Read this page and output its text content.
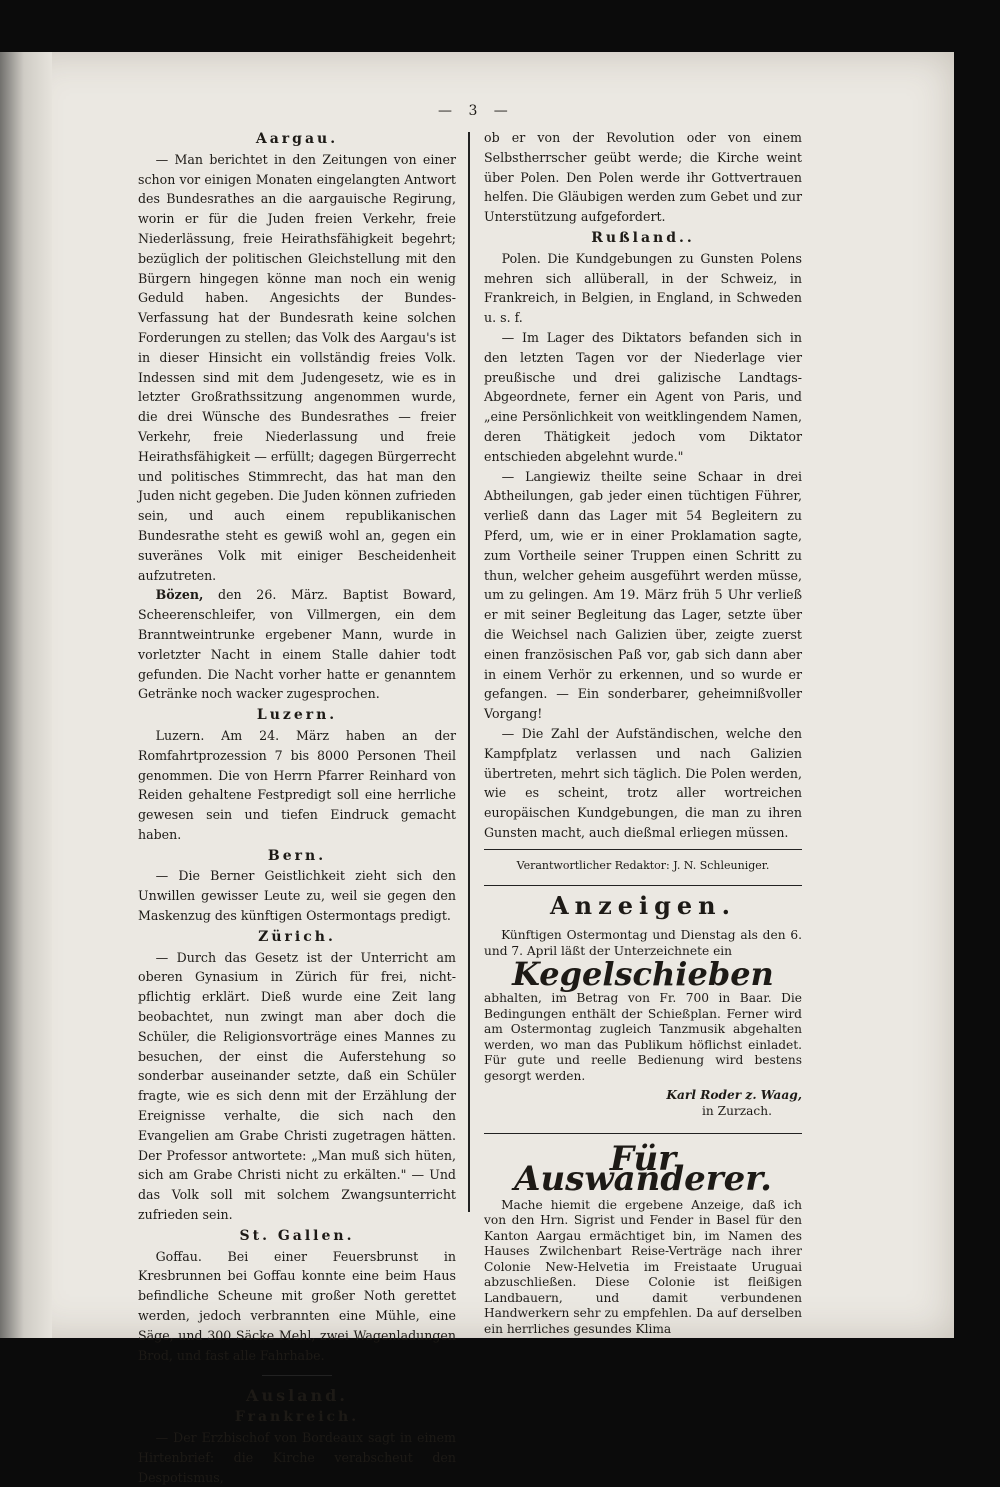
— 3 —
Aargau.

— Man berichtet in den Zeitungen von einer schon vor einigen Monaten eingelangten Antwort des Bundesrathes an die aargauische Regirung, worin er für die Juden freien Verkehr, freie Niederlässung, freie Heirathsfähigkeit begehrt; bezüglich der politischen Gleichstellung mit den Bürgern hingegen könne man noch ein wenig Geduld haben. Angesichts der Bundes-Verfassung hat der Bundesrath keine solchen Forderungen zu stellen; das Volk des Aargau's ist in dieser Hinsicht ein vollständig freies Volk. Indessen sind mit dem Judengesetz, wie es in letzter Großrathssitzung angenommen wurde, die drei Wünsche des Bundesrathes — freier Verkehr, freie Niederlassung und freie Heirathsfähigkeit — erfüllt; dagegen Bürgerrecht und politisches Stimmrecht, das hat man den Juden nicht gegeben. Die Juden können zufrieden sein, und auch einem republikanischen Bundesrathe steht es gewiß wohl an, gegen ein suveränes Volk mit einiger Bescheidenheit aufzutreten.

Bözen, den 26. März. Baptist Boward, Scheerenschleifer, von Villmergen, ein dem Branntweintrunke ergebener Mann, wurde in vorletzter Nacht in einem Stalle dahier todt gefunden. Die Nacht vorher hatte er genanntem Getränke noch wacker zugesprochen.

Luzern.

Luzern. Am 24. März haben an der Romfahrtprozession 7 bis 8000 Personen Theil genommen. Die von Herrn Pfarrer Reinhard von Reiden gehaltene Festpredigt soll eine herrliche gewesen sein und tiefen Eindruck gemacht haben.

Bern.

— Die Berner Geistlichkeit zieht sich den Unwillen gewisser Leute zu, weil sie gegen den Maskenzug des künftigen Ostermontags predigt.

Zürich.

— Durch das Gesetz ist der Unterricht am oberen Gynasium in Zürich für frei, nicht- pflichtig erklärt. Dieß wurde eine Zeit lang beobachtet, nun zwingt man aber doch die Schüler, die Religionsvorträge eines Mannes zu besuchen, der einst die Auferstehung so sonderbar auseinander setzte, daß ein Schüler fragte, wie es sich denn mit der Erzählung der Ereignisse verhalte, die sich nach den Evangelien am Grabe Christi zugetragen hätten. Der Professor antwortete: „Man muß sich hüten, sich am Grabe Christi nicht zu erkälten." — Und das Volk soll mit solchem Zwangsunterricht zufrieden sein.

St. Gallen.

Goffau. Bei einer Feuersbrunst in Kresbrunnen bei Goffau konnte eine beim Haus befindliche Scheune mit großer Noth gerettet werden, jedoch verbrannten eine Mühle, eine Säge, und 300 Säcke Mehl, zwei Wagenladungen Brod, und fast alle Fahrhabe.

Ausland.
Frankreich.

— Der Erzbischof von Bordeaux sagt in einem Hirtenbrief: die Kirche verabscheut den Despotismus,

ob er von der Revolution oder von einem Selbstherrscher geübt werde; die Kirche weint über Polen. Den Polen werde ihr Gottvertrauen helfen. Die Gläubigen werden zum Gebet und zur Unterstützung aufgefordert.

Rußland..

Polen. Die Kundgebungen zu Gunsten Polens mehren sich allüberall, in der Schweiz, in Frankreich, in Belgien, in England, in Schweden u. s. f.

— Im Lager des Diktators befanden sich in den letzten Tagen vor der Niederlage vier preußische und drei galizische Landtags-Abgeordnete, ferner ein Agent von Paris, und „eine Persönlichkeit von weitklingendem Namen, deren Thätigkeit jedoch vom Diktator entschieden abgelehnt wurde."

— Langiewiz theilte seine Schaar in drei Abtheilungen, gab jeder einen tüchtigen Führer, verließ dann das Lager mit 54 Begleitern zu Pferd, um, wie er in einer Proklamation sagte, zum Vortheile seiner Truppen einen Schritt zu thun, welcher geheim ausgeführt werden müsse, um zu gelingen. Am 19. März früh 5 Uhr verließ er mit seiner Begleitung das Lager, setzte über die Weichsel nach Galizien über, zeigte zuerst einen französischen Paß vor, gab sich dann aber in einem Verhör zu erkennen, und so wurde er gefangen. — Ein sonderbarer, geheimnißvoller Vorgang!

— Die Zahl der Aufständischen, welche den Kampfplatz verlassen und nach Galizien übertreten, mehrt sich täglich. Die Polen werden, wie es scheint, trotz aller wortreichen europäischen Kundgebungen, die man zu ihren Gunsten macht, auch dießmal erliegen müssen.

Verantwortlicher Redaktor: J. N. Schleuniger.
Anzeigen.

Künftigen Ostermontag und Dienstag als den 6. und 7. April läßt der Unterzeichnete ein

Kegelschieben

abhalten, im Betrag von Fr. 700 in Baar. Die Bedingungen enthält der Schießplan. Ferner wird am Ostermontag zugleich Tanzmusik abgehalten werden, wo man das Publikum höflichst einladet. Für gute und reelle Bedienung wird bestens gesorgt werden.

Karl Roder z. Waag,
in Zurzach.
Für Auswanderer.

Mache hiemit die ergebene Anzeige, daß ich von den Hrn. Sigrist und Fender in Basel für den Kanton Aargau ermächtiget bin, im Namen des Hauses Zwilchenbart Reise-Verträge nach ihrer Colonie New-Helvetia im Freistaate Uruguai abzuschließen. Diese Colonie ist fleißigen Landbauern, und damit verbundenen Handwerkern sehr zu empfehlen. Da auf derselben ein herrliches gesundes Klima
